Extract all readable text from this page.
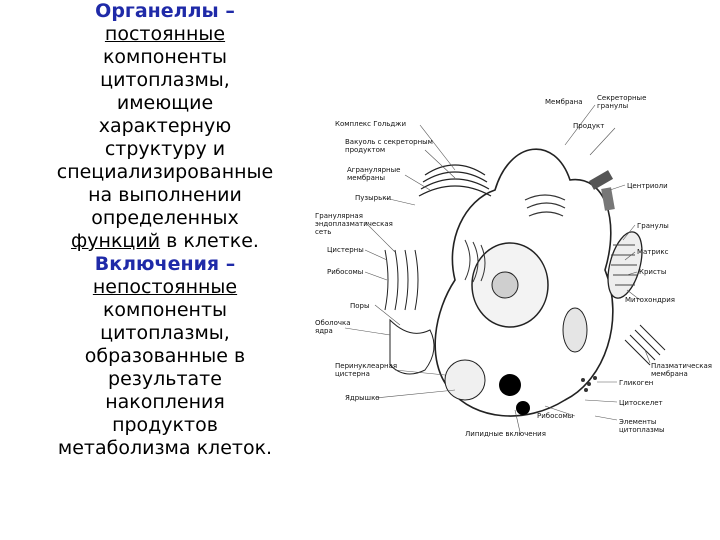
Органеллы –
постоянные
компоненты
цитоплазмы,
имеющие
характерную
структуру и
специализированные
на выполнении
определенных
функций в клетке.
Включения –
непостоянные
компоненты
цитоплазмы,
образованные в
результате
накопления
продуктов
метаболизма клеток.
Комплекс Гольджи
Вакуоль с секреторным
продуктом
Агранулярные
мембраны
Пузырьки
Гранулярная
эндоплазматическая
сеть
Цистерны
Рибосомы
Поры
Оболочка
ядра
Перинуклеарная
цистерна
Ядрышко
Мембрана Секреторные
гранулы
Продукт
Центриоли
Гранулы
Матрикс
Кристы
Митохондрия
Плазматическая
мембрана
Гликоген
Цитоскелет
Рибосомы
Элементы
цитоплазмы
Липидные включения
